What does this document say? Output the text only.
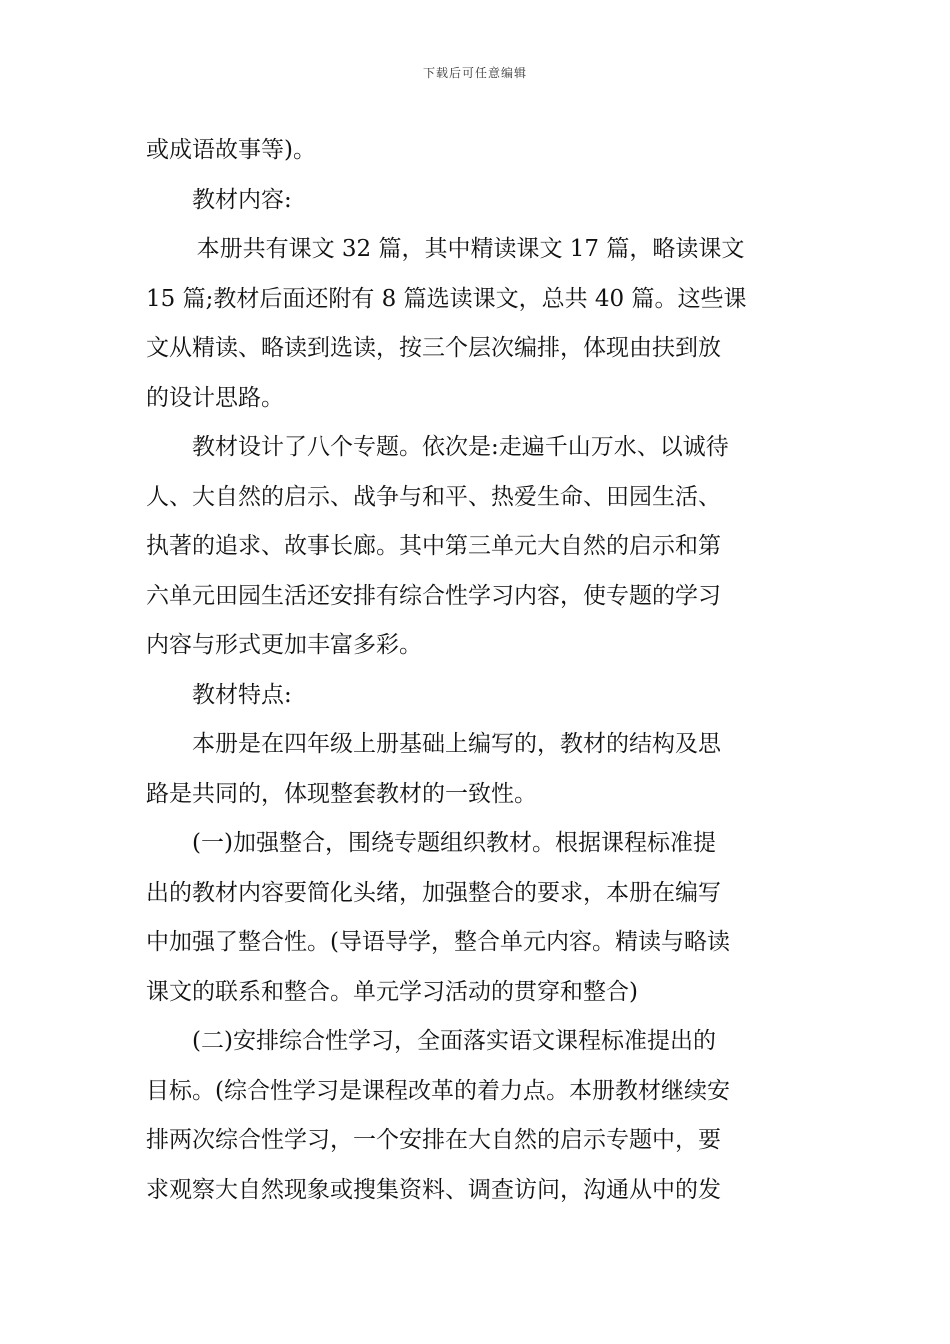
下载后可任意编辑

或成语故事等)。

教材内容:

本册共有课文 32 篇，其中精读课文 17 篇，略读课文
15 篇;教材后面还附有 8 篇选读课文，总共 40 篇。这些课
文从精读、略读到选读，按三个层次编排，体现由扶到放
的设计思路。

教材设计了八个专题。依次是:走遍千山万水、以诚待
人、大自然的启示、战争与和平、热爱生命、田园生活、
执著的追求、故事长廊。其中第三单元大自然的启示和第
六单元田园生活还安排有综合性学习内容，使专题的学习
内容与形式更加丰富多彩。

教材特点:

本册是在四年级上册基础上编写的，教材的结构及思
路是共同的，体现整套教材的一致性。

(一)加强整合，围绕专题组织教材。根据课程标准提
出的教材内容要简化头绪，加强整合的要求，本册在编写
中加强了整合性。(导语导学，整合单元内容。精读与略读
课文的联系和整合。单元学习活动的贯穿和整合)

(二)安排综合性学习，全面落实语文课程标准提出的
目标。(综合性学习是课程改革的着力点。本册教材继续安
排两次综合性学习，一个安排在大自然的启示专题中，要
求观察大自然现象或搜集资料、调查访问，沟通从中的发
